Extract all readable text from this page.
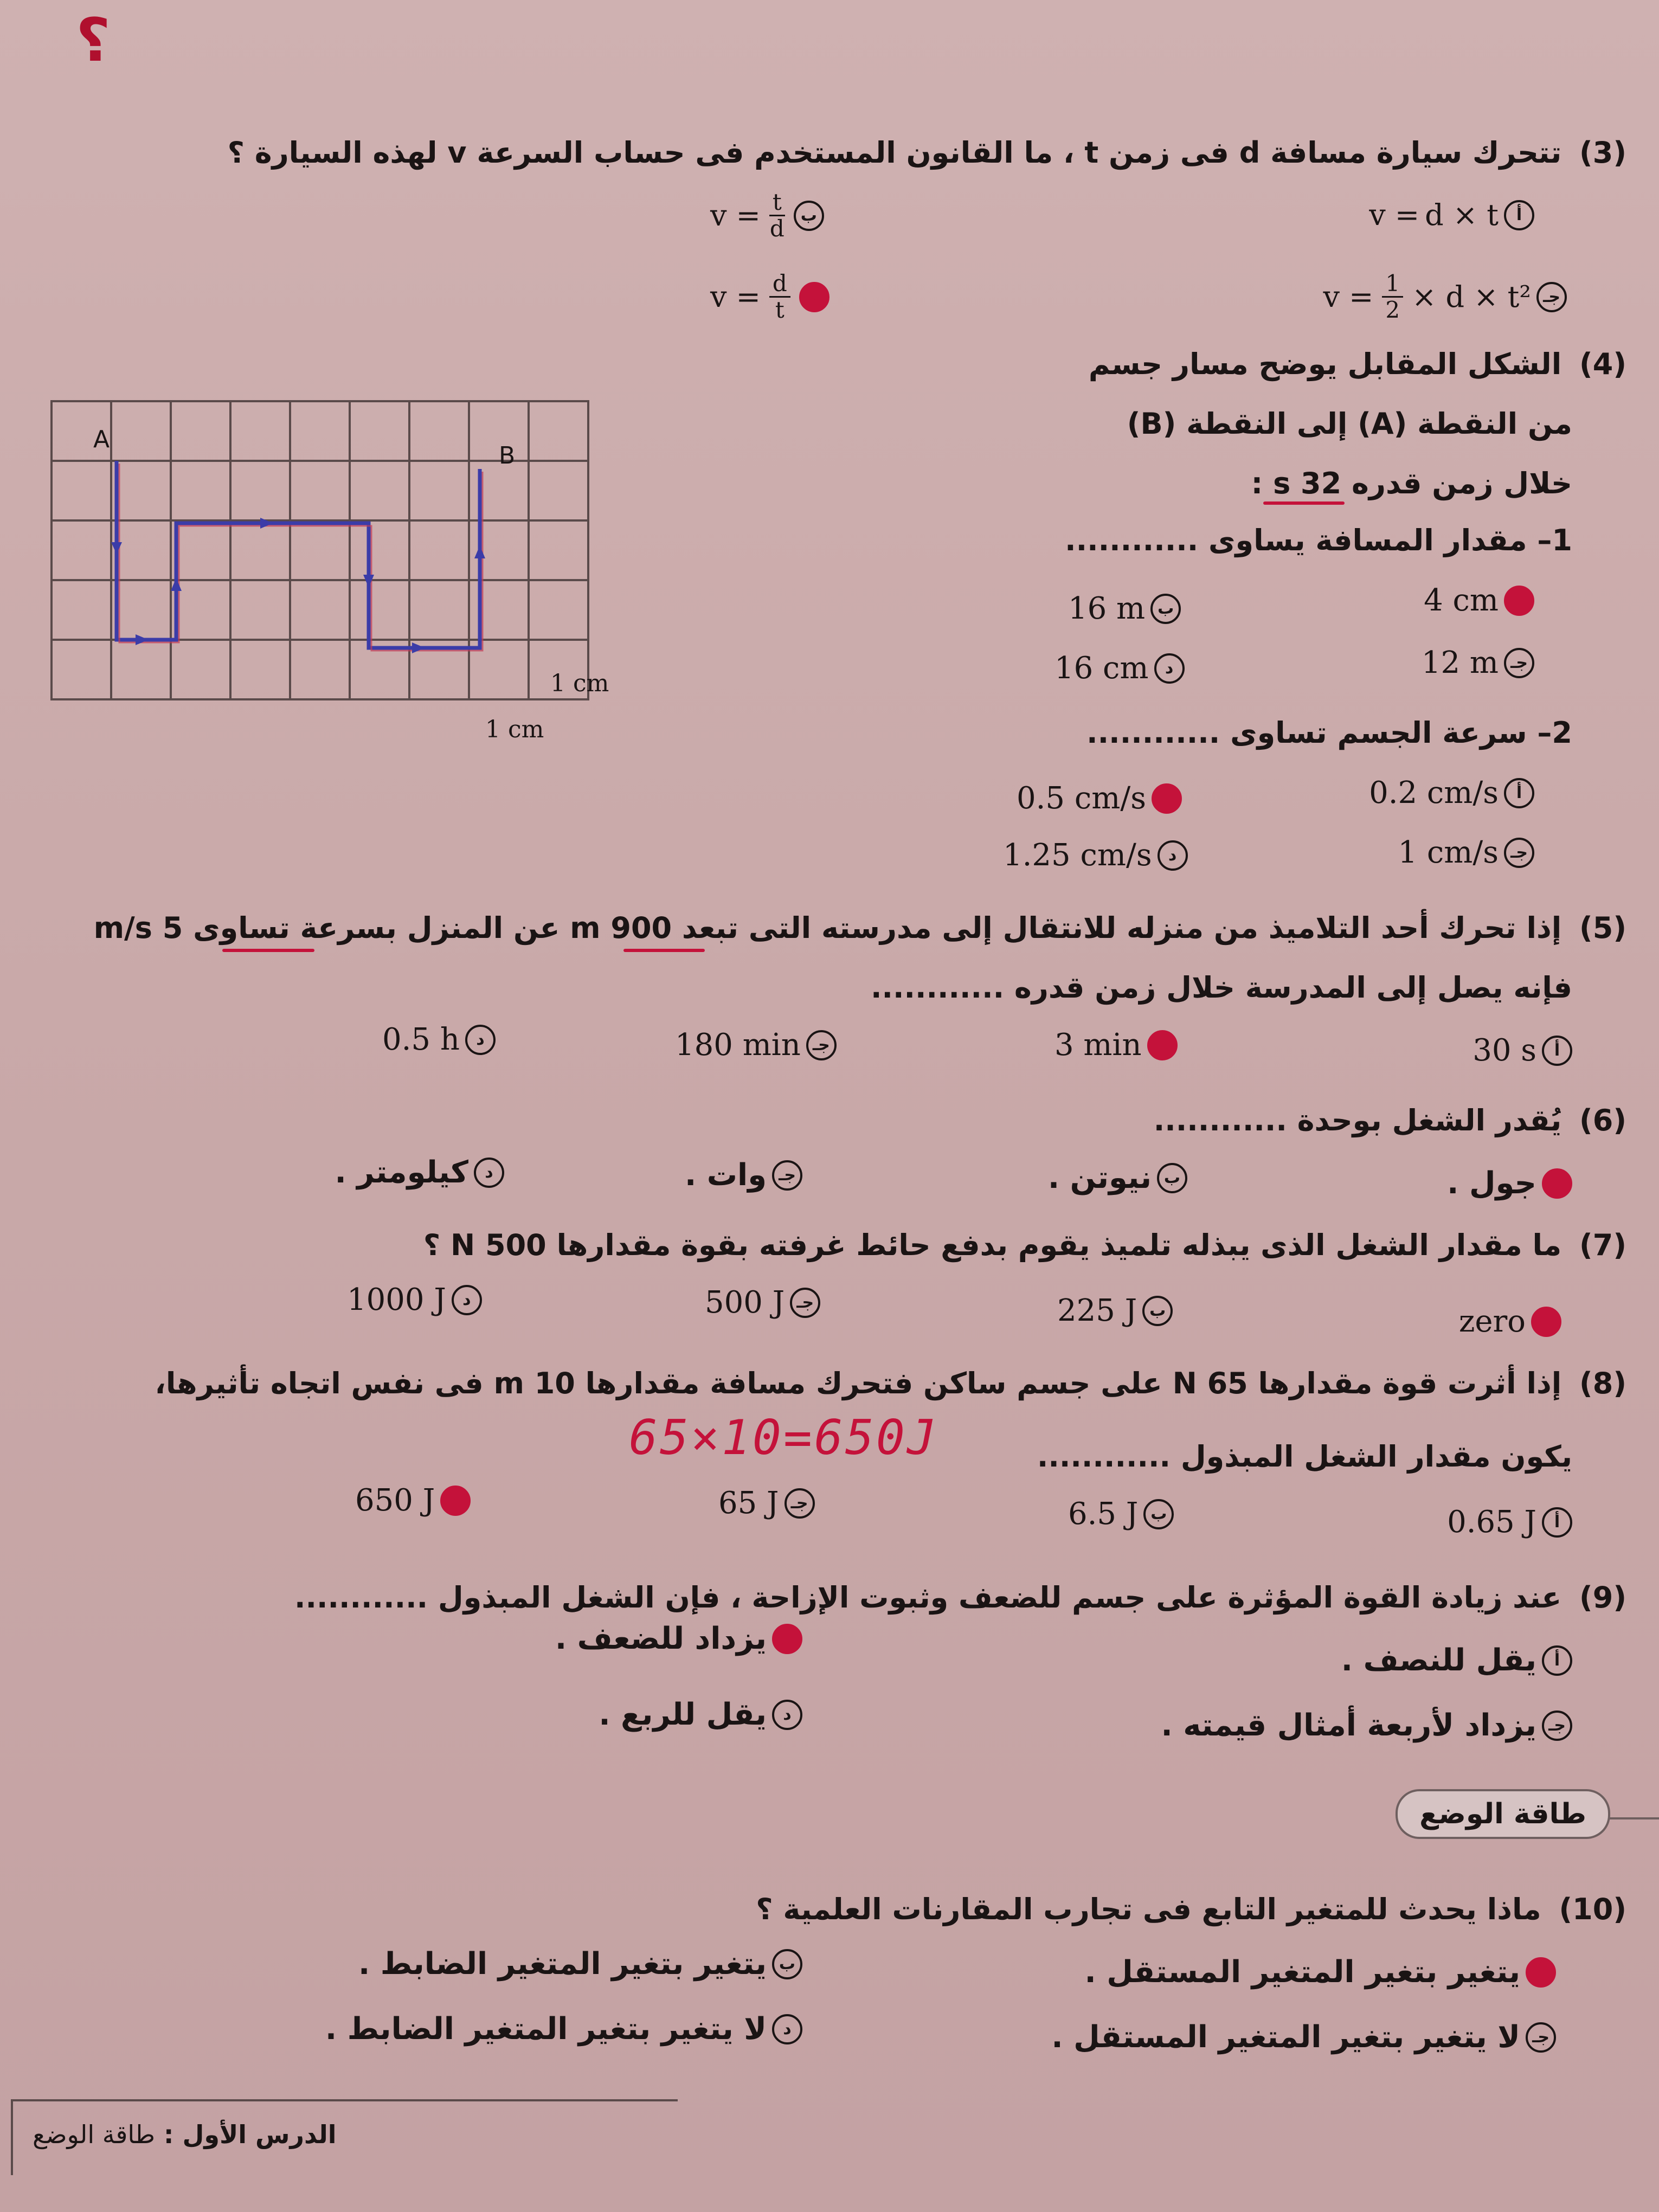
؟
(3) تتحرك سيارة مسافة d فى زمن t ، ما القانون المستخدم فى حساب السرعة v لهذه السيارة ؟
v = d × t	أ
$v = \frac{t}{d}$ ب
$v = \frac{1}{2} \times d \times t^2$ جـ
$v = \frac{d}{t}$	د
(4) الشكل المقابل يوضح مسار جسم
من النقطة (A) إلى النقطة (B)
خلال زمن قدره 32 s :
A
B
1 cm
1 cm
1– مقدار المسافة يساوى ............
4 cm	أ
16 m ب
12 m جـ
16 cm	د
2– سرعة الجسم تساوى ............
0.2 cm/s	أ
0.5 cm/s ب
1 cm/s جـ
1.25 cm/s	د
(5) إذا تحرك أحد التلاميذ من منزله للانتقال إلى مدرسته التى تبعد 900 m عن المنزل بسرعة تساوى 5 m/s
فإنه يصل إلى المدرسة خلال زمن قدره ............
30 s	أ
3 min ب
180 min جـ
0.5 h	د
(6) يُقدر الشغل بوحدة ............
أ
جول .
ب
نيوتن .
جـ
وات .
د
كيلومتر .
(7) ما مقدار الشغل الذى يبذله تلميذ يقوم بدفع حائط غرفته بقوة مقدارها 500 N ؟
zero	أ
225 J ب
500 J جـ
1000 J	د
(8) إذا أثرت قوة مقدارها 65 N على جسم ساكن فتحرك مسافة مقدارها 10 m فى نفس اتجاه تأثيرها،
65×10=650J	يكون مقدار الشغل المبذول ............
0.65 J	أ
6.5 J ب
65 J جـ
650 J	د
(9) عند زيادة القوة المؤثرة على جسم للضعف وثبوت الإزاحة ، فإن الشغل المبذول ............
أ
يقل للنصف .
ب
يزداد للضعف .
جـ
يزداد لأربعة أمثال قيمته .
د
يقل للربع .
طاقة الوضع
(10) ماذا يحدث للمتغير التابع فى تجارب المقارنات العلمية ؟
أ
يتغير بتغير المتغير المستقل .
ب
يتغير بتغير المتغير الضابط .
جـ
لا يتغير بتغير المتغير المستقل .
د
لا يتغير بتغير المتغير الضابط .
الدرس الأول : طاقة الوضع
